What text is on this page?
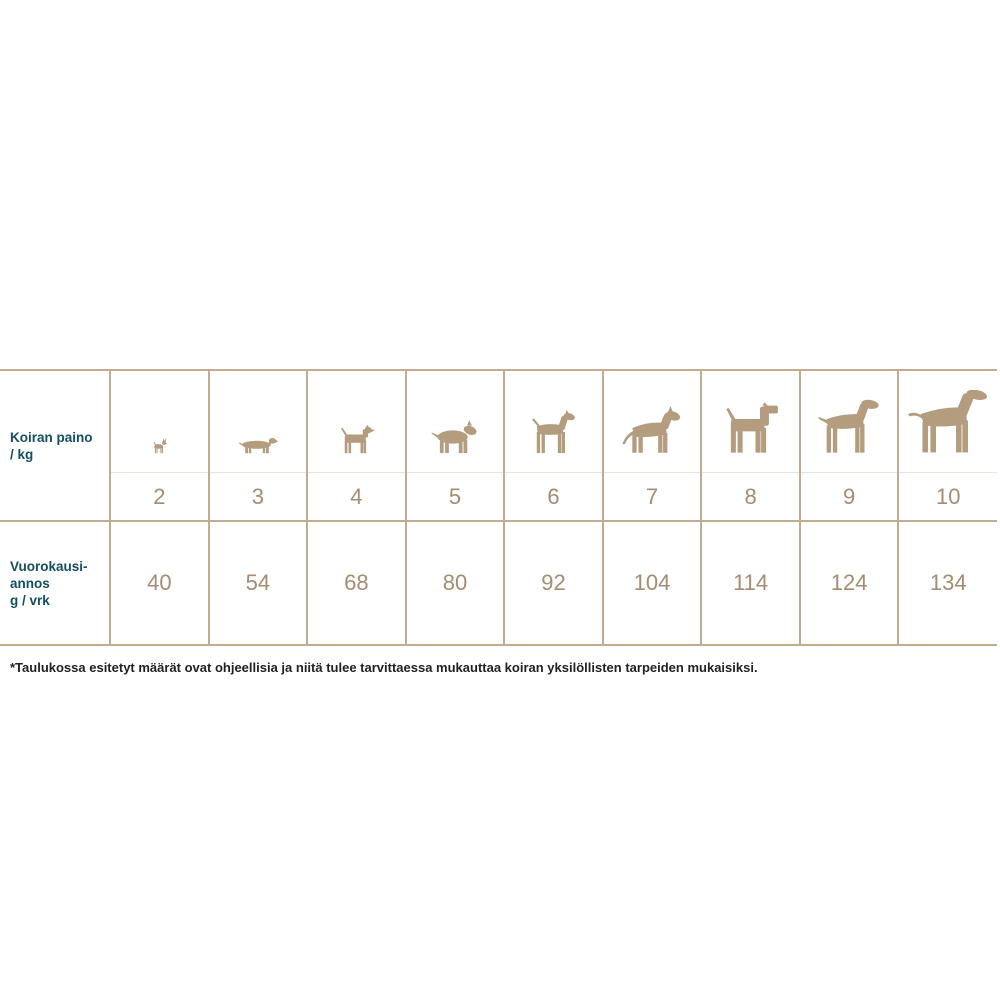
Koiran paino
/ kg	2	3	4	5	6	7	8	9	10

Vuorokausi-
annos
g / vrk	40	54	68	80	92	104	114	124	134
*Taulukossa esitetyt määrät ovat ohjeellisia ja niitä tulee tarvittaessa mukauttaa koiran yksilöllisten tarpeiden mukaisiksi.
